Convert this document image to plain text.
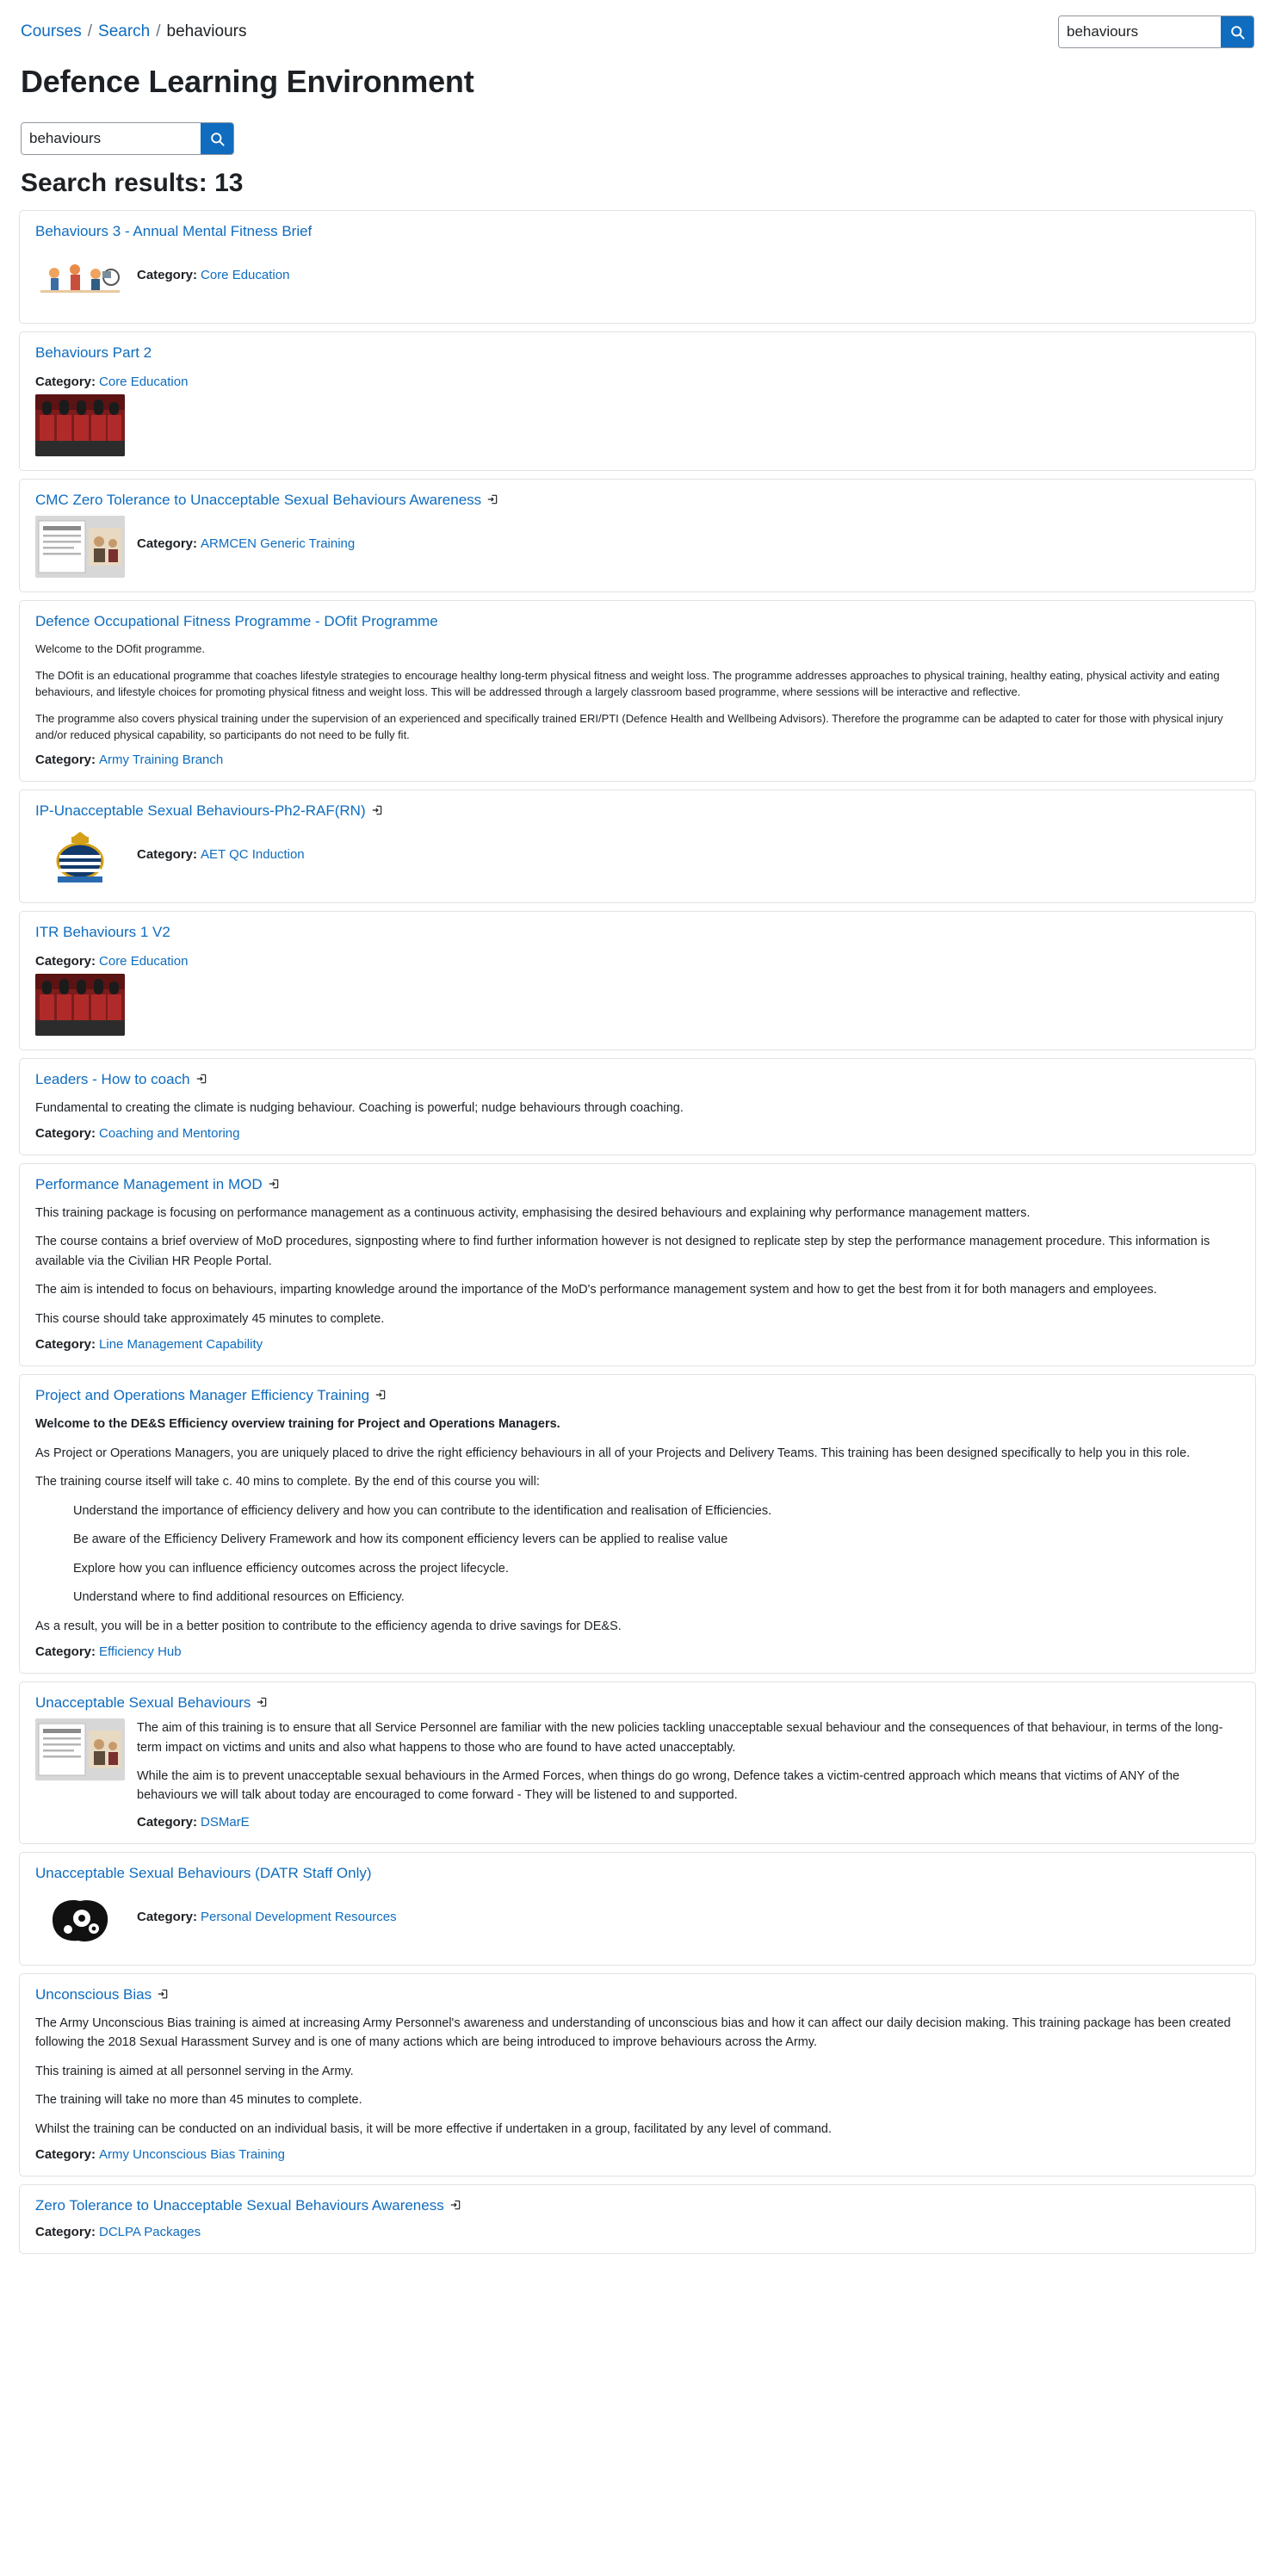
Courses / Search / behaviours
behaviours
Defence Learning Environment
behaviours
Search results: 13
Behaviours 3 - Annual Mental Fitness Brief
Category: Core Education
Behaviours Part 2
Category: Core Education
CMC Zero Tolerance to Unacceptable Sexual Behaviours Awareness
Category: ARMCEN Generic Training
Defence Occupational Fitness Programme - DOfit Programme

Welcome to the DOfit programme.

The DOfit is an educational programme that coaches lifestyle strategies to encourage healthy long-term physical fitness and weight loss. The programme addresses approaches to physical training, healthy eating, physical activity and eating behaviours, and lifestyle choices for promoting physical fitness and weight loss. This will be addressed through a largely classroom based programme, where sessions will be interactive and reflective.

The programme also covers physical training under the supervision of an experienced and specifically trained ERI/PTI (Defence Health and Wellbeing Advisors). Therefore the programme can be adapted to cater for those with physical injury and/or reduced physical capability, so participants do not need to be fully fit.

Category: Army Training Branch
IP-Unacceptable Sexual Behaviours-Ph2-RAF(RN)
Category: AET QC Induction
ITR Behaviours 1 V2
Category: Core Education
Leaders - How to coach

Fundamental to creating the climate is nudging behaviour. Coaching is powerful; nudge behaviours through coaching.

Category: Coaching and Mentoring
Performance Management in MOD

This training package is focusing on performance management as a continuous activity, emphasising the desired behaviours and explaining why performance management matters.

The course contains a brief overview of MoD procedures, signposting where to find further information however is not designed to replicate step by step the performance management procedure. This information is available via the Civilian HR People Portal.

The aim is intended to focus on behaviours, imparting knowledge around the importance of the MoD's performance management system and how to get the best from it for both managers and employees.

This course should take approximately 45 minutes to complete.

Category: Line Management Capability
Project and Operations Manager Efficiency Training

Welcome to the DE&S Efficiency overview training for Project and Operations Managers.

As Project or Operations Managers, you are uniquely placed to drive the right efficiency behaviours in all of your Projects and Delivery Teams. This training has been designed specifically to help you in this role.

The training course itself will take c. 40 mins to complete. By the end of this course you will:

Understand the importance of efficiency delivery and how you can contribute to the identification and realisation of Efficiencies.

Be aware of the Efficiency Delivery Framework and how its component efficiency levers can be applied to realise value

Explore how you can influence efficiency outcomes across the project lifecycle.

Understand where to find additional resources on Efficiency.

As a result, you will be in a better position to contribute to the efficiency agenda to drive savings for DE&S.

Category: Efficiency Hub
Unacceptable Sexual Behaviours

The aim of this training is to ensure that all Service Personnel are familiar with the new policies tackling unacceptable sexual behaviour and the consequences of that behaviour, in terms of the long-term impact on victims and units and also what happens to those who are found to have acted unacceptably.

While the aim is to prevent unacceptable sexual behaviours in the Armed Forces, when things do go wrong, Defence takes a victim-centred approach which means that victims of ANY of the behaviours we will talk about today are encouraged to come forward - They will be listened to and supported.

Category: DSMarE
Unacceptable Sexual Behaviours (DATR Staff Only)
Category: Personal Development Resources
Unconscious Bias

The Army Unconscious Bias training is aimed at increasing Army Personnel's awareness and understanding of unconscious bias and how it can affect our daily decision making. This training package has been created following the 2018 Sexual Harassment Survey and is one of many actions which are being introduced to improve behaviours across the Army.

This training is aimed at all personnel serving in the Army.

The training will take no more than 45 minutes to complete.

Whilst the training can be conducted on an individual basis, it will be more effective if undertaken in a group, facilitated by any level of command.

Category: Army Unconscious Bias Training
Zero Tolerance to Unacceptable Sexual Behaviours Awareness
Category: DCLPA Packages
